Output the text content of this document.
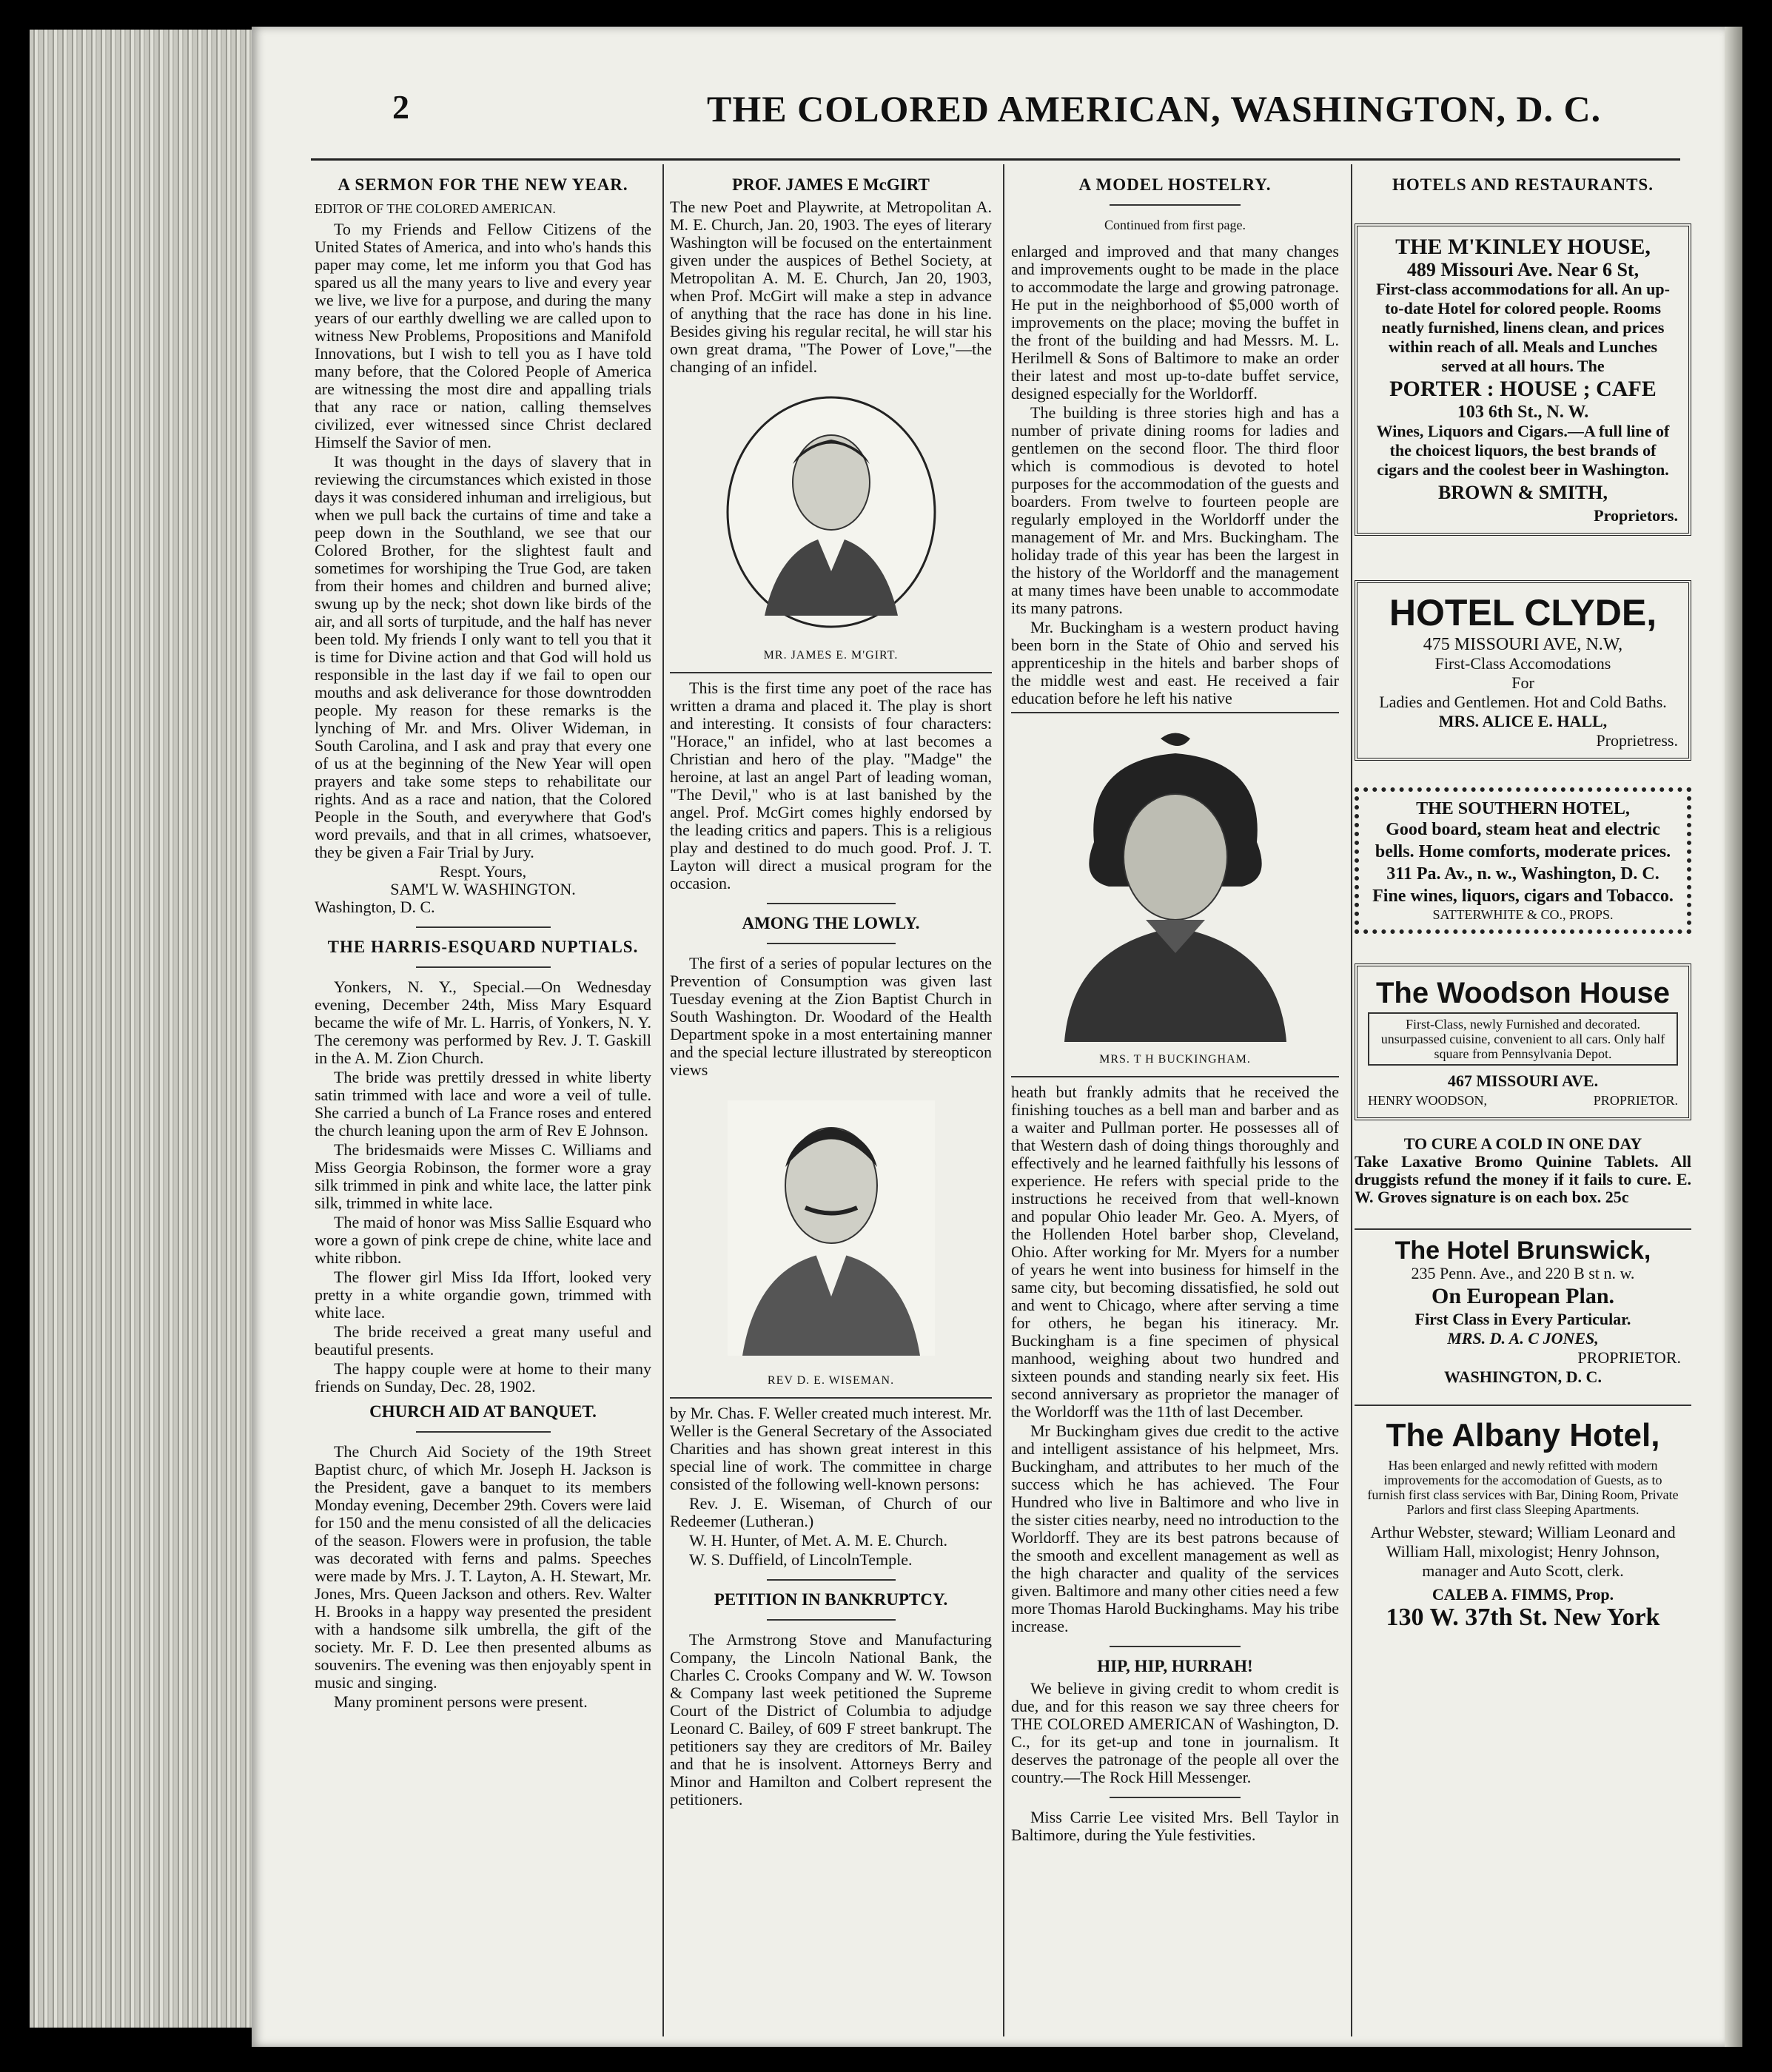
2	THE COLORED AMERICAN, WASHINGTON, D. C.
A SERMON FOR THE NEW YEAR.
EDITOR OF THE COLORED AMERICAN.

To my Friends and Fellow Citizens of the United States of America, and into who's hands this paper may come, let me inform you that God has spared us all the many years to live and every year we live, we live for a purpose, and during the many years of our earthly dwelling we are called upon to witness New Problems, Propositions and Manifold Innovations, but I wish to tell you as I have told many before, that the Colored People of America are witnessing the most dire and appalling trials that any race or nation, calling themselves civilized, ever witnessed since Christ declared Himself the Savior of men.

It was thought in the days of slavery that in reviewing the circumstances which existed in those days it was considered inhuman and irreligious, but when we pull back the curtains of time and take a peep down in the Southland, we see that our Colored Brother, for the slightest fault and sometimes for worshiping the True God, are taken from their homes and children and burned alive; swung up by the neck; shot down like birds of the air, and all sorts of turpitude, and the half has never been told. My friends I only want to tell you that it is time for Divine action and that God will hold us responsible in the last day if we fail to open our mouths and ask deliverance for those downtrodden people. My reason for these remarks is the lynching of Mr. and Mrs. Oliver Wideman, in South Carolina, and I ask and pray that every one of us at the beginning of the New Year will open prayers and take some steps to rehabilitate our rights. And as a race and nation, that the Colored People in the South, and everywhere that God's word prevails, and that in all crimes, whatsoever, they be given a Fair Trial by Jury.

Respt. Yours,
SAM'L W. WASHINGTON.
Washington, D. C.
THE HARRIS-ESQUARD NUPTIALS.

Yonkers, N. Y., Special.—On Wednesday evening, December 24th, Miss Mary Esquard became the wife of Mr. L. Harris, of Yonkers, N. Y. The ceremony was performed by Rev. J. T. Gaskill in the A. M. Zion Church.

The bride was prettily dressed in white liberty satin trimmed with lace and wore a veil of tulle. She carried a bunch of La France roses and entered the church leaning upon the arm of Rev E Johnson.

The bridesmaids were Misses C. Williams and Miss Georgia Robinson, the former wore a gray silk trimmed in pink and white lace, the latter pink silk, trimmed in white lace.

The maid of honor was Miss Sallie Esquard who wore a gown of pink crepe de chine, white lace and white ribbon.

The flower girl Miss Ida Iffort, looked very pretty in a white organdie gown, trimmed with white lace.

The bride received a great many useful and beautiful presents.

The happy couple were at home to their many friends on Sunday, Dec. 28, 1902.

CHURCH AID AT BANQUET.

The Church Aid Society of the 19th Street Baptist churc, of which Mr. Joseph H. Jackson is the President, gave a banquet to its members Monday evening, December 29th. Covers were laid for 150 and the menu consisted of all the delicacies of the season. Flowers were in profusion, the table was decorated with ferns and palms. Speeches were made by Mrs. J. T. Layton, A. H. Stewart, Mr. Jones, Mrs. Queen Jackson and others. Rev. Walter H. Brooks in a happy way presented the president with a handsome silk umbrella, the gift of the society. Mr. F. D. Lee then presented albums as souvenirs. The evening was then enjoyably spent in music and singing.

Many prominent persons were present.

PROF. JAMES E McGIRT

The new Poet and Playwrite, at Metropolitan A. M. E. Church, Jan. 20, 1903. The eyes of literary Washington will be focused on the entertainment given under the auspices of Bethel Society, at Metropolitan A. M. E. Church, Jan 20, 1903, when Prof. McGirt will make a step in advance of anything that the race has done in his line. Besides giving his regular recital, he will star his own great drama, "The Power of Love,"—the changing of an infidel.

MR. JAMES E. M'GIRT.

This is the first time any poet of the race has written a drama and placed it. The play is short and interesting. It consists of four characters: "Horace," an infidel, who at last becomes a Christian and hero of the play. "Madge" the heroine, at last an angel Part of leading woman, "The Devil," who is at last banished by the angel. Prof. McGirt comes highly endorsed by the leading critics and papers. This is a religious play and destined to do much good. Prof. J. T. Layton will direct a musical program for the occasion.

AMONG THE LOWLY.

The first of a series of popular lectures on the Prevention of Consumption was given last Tuesday evening at the Zion Baptist Church in South Washington. Dr. Woodard of the Health Department spoke in a most entertaining manner and the special lecture illustrated by stereopticon views

REV D. E. WISEMAN.

by Mr. Chas. F. Weller created much interest. Mr. Weller is the General Secretary of the Associated Charities and has shown great interest in this special line of work. The committee in charge consisted of the following well-known persons:

Rev. J. E. Wiseman, of Church of our Redeemer (Lutheran.)

W. H. Hunter, of Met. A. M. E. Church.

W. S. Duffield, of LincolnTemple.

PETITION IN BANKRUPTCY.

The Armstrong Stove and Manufacturing Company, the Lincoln National Bank, the Charles C. Crooks Company and W. W. Towson & Company last week petitioned the Supreme Court of the District of Columbia to adjudge Leonard C. Bailey, of 609 F street bankrupt. The petitioners say they are creditors of Mr. Bailey and that he is insolvent. Attorneys Berry and Minor and Hamilton and Colbert represent the petitioners.

A MODEL HOSTELRY.
Continued from first page.

enlarged and improved and that many changes and improvements ought to be made in the place to accommodate the large and growing patronage. He put in the neighborhood of $5,000 worth of improvements on the place; moving the buffet in the front of the building and had Messrs. M. L. Herilmell & Sons of Baltimore to make an order their latest and most up-to-date buffet service, designed especially for the Worldorff.

The building is three stories high and has a number of private dining rooms for ladies and gentlemen on the second floor. The third floor which is commodious is devoted to hotel purposes for the accommodation of the guests and boarders. From twelve to fourteen people are regularly employed in the Worldorff under the management of Mr. and Mrs. Buckingham. The holiday trade of this year has been the largest in the history of the Worldorff and the management at many times have been unable to accommodate its many patrons.

Mr. Buckingham is a western product having been born in the State of Ohio and served his apprenticeship in the hitels and barber shops of the middle west and east. He received a fair education before he left his native

MRS. T H BUCKINGHAM.

heath but frankly admits that he received the finishing touches as a bell man and barber and as a waiter and Pullman porter. He possesses all of that Western dash of doing things thoroughly and effectively and he learned faithfully his lessons of experience. He refers with special pride to the instructions he received from that well-known and popular Ohio leader Mr. Geo. A. Myers, of the Hollenden Hotel barber shop, Cleveland, Ohio. After working for Mr. Myers for a number of years he went into business for himself in the same city, but becoming dissatisfied, he sold out and went to Chicago, where after serving a time for others, he began his itineracy. Mr. Buckingham is a fine specimen of physical manhood, weighing about two hundred and sixteen pounds and standing nearly six feet. His second anniversary as proprietor the manager of the Worldorff was the 11th of last December.

Mr Buckingham gives due credit to the active and intelligent assistance of his helpmeet, Mrs. Buckingham, and attributes to her much of the success which he has achieved. The Four Hundred who live in Baltimore and who live in the sister cities nearby, need no introduction to the Worldorff. They are its best patrons because of the smooth and excellent management as well as the high character and quality of the services given. Baltimore and many other cities need a few more Thomas Harold Buckinghams. May his tribe increase.

HIP, HIP, HURRAH!

We believe in giving credit to whom credit is due, and for this reason we say three cheers for THE COLORED AMERICAN of Washington, D. C., for its get-up and tone in journalism. It deserves the patronage of the people all over the country.—The Rock Hill Messenger.

Miss Carrie Lee visited Mrs. Bell Taylor in Baltimore, during the Yule festivities.

HOTELS AND RESTAURANTS.
THE M'KINLEY HOUSE,
489 Missouri Ave. Near 6 St,
First-class accommodations for all. An up-to-date Hotel for colored people. Rooms neatly furnished, linens clean, and prices within reach of all. Meals and Lunches served at all hours. The
PORTER : HOUSE ; CAFE
103 6th St., N. W.
Wines, Liquors and Cigars.—A full line of the choicest liquors, the best brands of cigars and the coolest beer in Washington.
BROWN & SMITH,
Proprietors.
HOTEL CLYDE,
475 MISSOURI AVE, N.W,
First-Class Accomodations
For
Ladies and Gentlemen. Hot and Cold Baths.
MRS. ALICE E. HALL,
Proprietress.
THE SOUTHERN HOTEL,
Good board, steam heat and electric bells. Home comforts, moderate prices. 311 Pa. Av., n. w., Washington, D. C. Fine wines, liquors, cigars and Tobacco.
SATTERWHITE & CO., PROPS.
The Woodson House
First-Class, newly Furnished and decorated. unsurpassed cuisine, convenient to all cars. Only half square from Pennsylvania Depot.
467 MISSOURI AVE.
HENRY WOODSON,	PROPRIETOR.
TO CURE A COLD IN ONE DAY
Take Laxative Bromo Quinine Tablets. All druggists refund the money if it fails to cure. E. W. Groves signature is on each box. 25c
The Hotel Brunswick,
235 Penn. Ave., and 220 B st n. w.
On European Plan.
First Class in Every Particular.
MRS. D. A. C JONES,
PROPRIETOR.
WASHINGTON, D. C.
The Albany Hotel,
Has been enlarged and newly refitted with modern improvements for the accomodation of Guests, as to furnish first class services with Bar, Dining Room, Private Parlors and first class Sleeping Apartments.
Arthur Webster, steward; William Leonard and William Hall, mixologist; Henry Johnson, manager and Auto Scott, clerk.
CALEB A. FIMMS, Prop.
130 W. 37th St. New York
